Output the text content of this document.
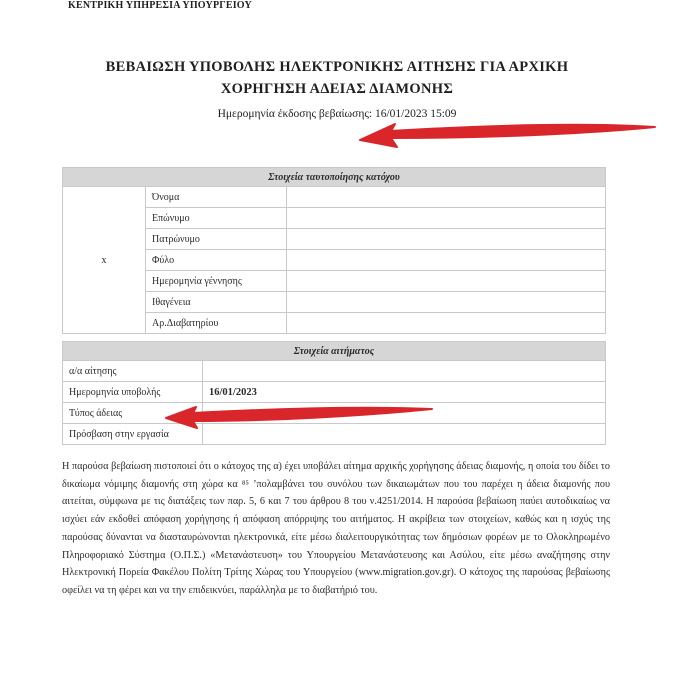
ΚΕΝΤΡΙΚΗ ΥΠΗΡΕΣΙΑ ΥΠΟΥΡΓΕΙΟΥ
ΒΕΒΑΙΩΣΗ ΥΠΟΒΟΛΗΣ ΗΛΕΚΤΡΟΝΙΚΗΣ ΑΙΤΗΣΗΣ ΓΙΑ ΑΡΧΙΚΗ
ΧΟΡΗΓΗΣΗ ΑΔΕΙΑΣ ΔΙΑΜΟΝΗΣ
Ημερομηνία έκδοσης βεβαίωσης: 16/01/2023 15:09
Στοιχεία ταυτοποίησης κατόχου		
x	Όνομα	
	Επώνυμο	
	Πατρώνυμο	
	Φύλο	
	Ημερομηνία γέννησης	
	Ιθαγένεια	
	Αρ.Διαβατηρίου	
Στοιχεία αιτήματος	
α/α αίτησης	
Ημερομηνία υποβολής	16/01/2023
Τύπος άδειας	
Πρόσβαση στην εργασία	
Η παρούσα βεβαίωση πιστοποιεί ότι ο κάτοχος της α) έχει υποβάλει αίτημα αρχικής χορήγησης άδειας διαμονής, η οποία του δίδει το δικαίωμα νόμιμης διαμονής στη χώρα κα ⁸⁵ ʼπολαμβάνει του συνόλου των δικαιωμάτων που του παρέχει η άδεια διαμονής που αιτείται, σύμφωνα με τις διατάξεις των παρ. 5, 6 και 7 του άρθρου 8 του ν.4251/2014. Η παρούσα βεβαίωση παύει αυτοδικαίως να ισχύει εάν εκδοθεί απόφαση χορήγησης ή απόφαση απόρριψης του αιτήματος. Η ακρίβεια των στοιχείων, καθώς και η ισχύς της παρούσας δύνανται να διασταυρώνονται ηλεκτρονικά, είτε μέσω διαλειτουργικότητας των δημόσιων φορέων με το Ολοκληρωμένο Πληροφοριακό Σύστημα (Ο.Π.Σ.) «Μετανάστευση» του Υπουργείου Μετανάστευσης και Ασύλου, είτε μέσω αναζήτησης στην Ηλεκτρονική Πορεία Φακέλου Πολίτη Τρίτης Χώρας του Υπουργείου (www.migration.gov.gr). Ο κάτοχος της παρούσας βεβαίωσης οφείλει να τη φέρει και να την επιδεικνύει, παράλληλα με το διαβατήριό του.
